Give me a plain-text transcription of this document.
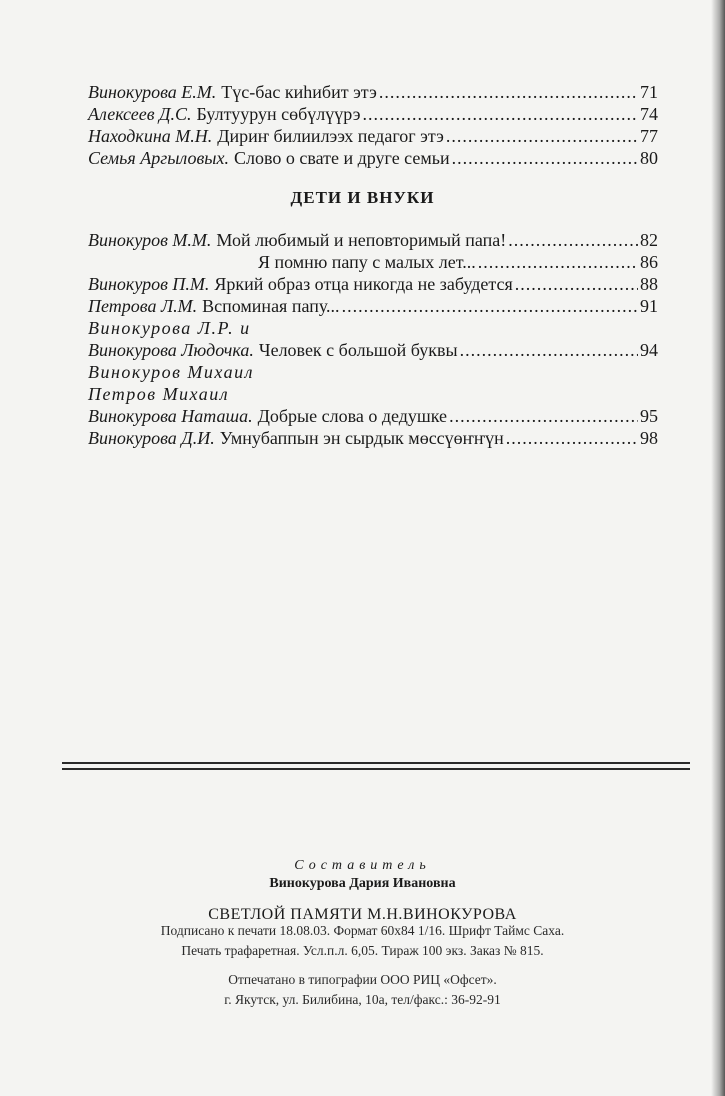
Винокурова Е.М. Түс-бас киһибит этэ .....	71
Алексеев Д.С. Бултуурун сөбүлүүрэ .....	74
Находкина М.Н. Дириҥ билиилээх педагог этэ .....	77
Семья Аргыловых. Слово о свате и друге семьи .....	80
ДЕТИ И ВНУКИ
Винокуров М.М. Мой любимый и неповторимый папа! .....	82
Я помню папу с малых лет... .....	86
Винокуров П.М. Яркий образ отца никогда не забудется .....	88
Петрова Л.М. Вспоминая папу... .....	91
Винокурова Л.Р. и
Винокурова Людочка. Человек с большой буквы .....	94
Винокуров Михаил
Петров Михаил
Винокурова Наташа. Добрые слова о дедушке .....	95
Винокурова Д.И. Умнубаппын эн сырдык мөссүөҥҥүн .....	98
Составитель
Винокурова Дария Ивановна
СВЕТЛОЙ ПАМЯТИ М.Н.ВИНОКУРОВА
Подписано к печати 18.08.03. Формат 60х84 1/16. Шрифт Таймс Саха.
Печать трафаретная. Усл.п.л. 6,05. Тираж 100 экз. Заказ № 815.
Отпечатано в типографии ООО РИЦ «Офсет».
г. Якутск, ул. Билибина, 10а, тел/факс.: 36-92-91
